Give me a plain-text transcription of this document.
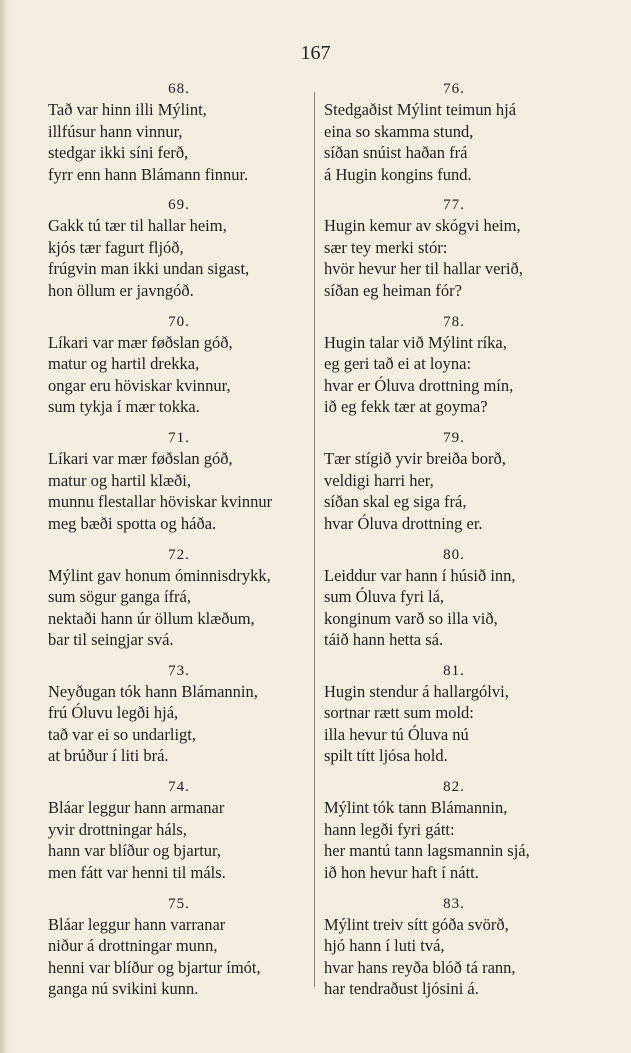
167
68.
Tað var hinn illi Mýlint,
illfúsur hann vinnur,
stedgar ikki síni ferð,
fyrr enn hann Blámann finnur.
69.
Gakk tú tær til hallar heim,
kjós tær fagurt fljóð,
frúgvin man ikki undan sigast,
hon öllum er javngóð.
70.
Líkari var mær føðslan góð,
matur og hartil drekka,
ongar eru höviskar kvinnur,
sum tykja í mær tokka.
71.
Líkari var mær føðslan góð,
matur og hartil klæði,
munnu flestallar höviskar kvinnur
meg bæði spotta og háða.
72.
Mýlint gav honum óminnisdrykk,
sum sögur ganga ífrá,
nektaði hann úr öllum klæðum,
bar til seingjar svá.
73.
Neyðugan tók hann Blámannin,
frú Óluvu legði hjá,
tað var ei so undarligt,
at brúður í liti brá.
74.
Bláar leggur hann armanar
yvir drottningar háls,
hann var blíður og bjartur,
men fátt var henni til máls.
75.
Bláar leggur hann varranar
niður á drottningar munn,
henni var blíður og bjartur ímót,
ganga nú svikini kunn.
76.
Stedgaðist Mýlint teimun hjá
eina so skamma stund,
síðan snúist haðan frá
á Hugin kongins fund.
77.
Hugin kemur av skógvi heim,
sær tey merki stór:
hvör hevur her til hallar verið,
síðan eg heiman fór?
78.
Hugin talar við Mýlint ríka,
eg geri tað ei at loyna:
hvar er Óluva drottning mín,
ið eg fekk tær at goyma?
79.
Tær stígið yvir breiða borð,
veldigi harri her,
síðan skal eg siga frá,
hvar Óluva drottning er.
80.
Leiddur var hann í húsið inn,
sum Óluva fyri lá,
konginum varð so illa við,
táið hann hetta sá.
81.
Hugin stendur á hallargólvi,
sortnar rætt sum mold:
illa hevur tú Óluva nú
spilt títt ljósa hold.
82.
Mýlint tók tann Blámannin,
hann legði fyri gátt:
her mantú tann lagsmannin sjá,
ið hon hevur haft í nátt.
83.
Mýlint treiv sítt góða svörð,
hjó hann í luti tvá,
hvar hans reyða blóð tá rann,
har tendraðust ljósini á.
